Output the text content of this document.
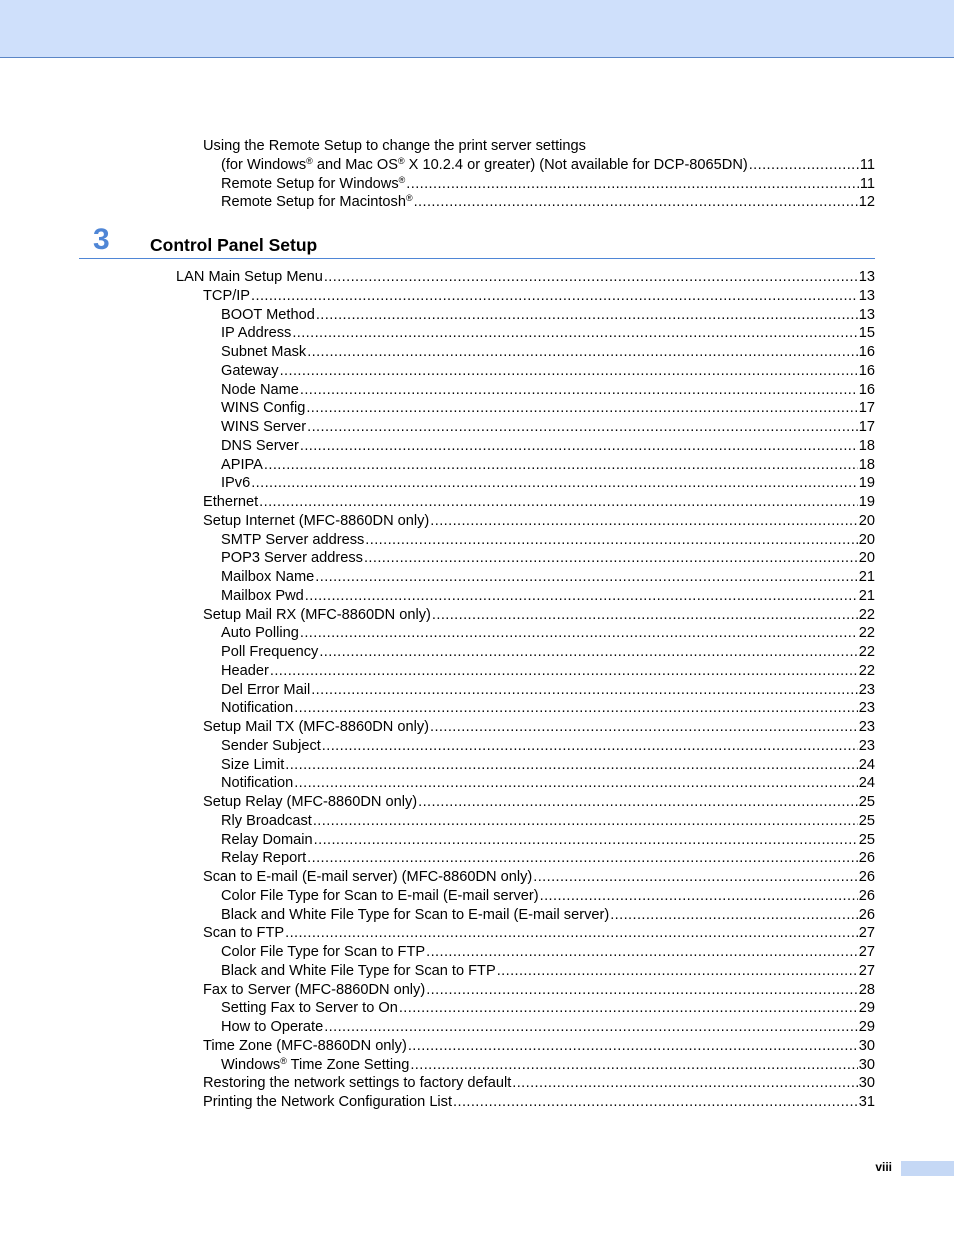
Using the Remote Setup to change the print server settings
(for Windows® and Mac OS® X 10.2.4 or greater) (Not available for DCP-8065DN) .....	11
Remote Setup for Windows® .....	11
Remote Setup for Macintosh® .....	12
3 Control Panel Setup
LAN Main Setup Menu .....	13
TCP/IP .....	13
BOOT Method .....	13
IP Address .....	15
Subnet Mask .....	16
Gateway .....	16
Node Name .....	16
WINS Config .....	17
WINS Server .....	17
DNS Server .....	18
APIPA .....	18
IPv6 .....	19
Ethernet .....	19
Setup Internet (MFC-8860DN only) .....	20
SMTP Server address .....	20
POP3 Server address .....	20
Mailbox Name .....	21
Mailbox Pwd .....	21
Setup Mail RX (MFC-8860DN only) .....	22
Auto Polling .....	22
Poll Frequency .....	22
Header .....	22
Del Error Mail .....	23
Notification .....	23
Setup Mail TX (MFC-8860DN only) .....	23
Sender Subject .....	23
Size Limit .....	24
Notification .....	24
Setup Relay (MFC-8860DN only) .....	25
Rly Broadcast .....	25
Relay Domain .....	25
Relay Report .....	26
Scan to E-mail (E-mail server) (MFC-8860DN only) .....	26
Color File Type for Scan to E-mail (E-mail server) .....	26
Black and White File Type for Scan to E-mail (E-mail server) .....	26
Scan to FTP .....	27
Color File Type for Scan to FTP .....	27
Black and White File Type for Scan to FTP .....	27
Fax to Server (MFC-8860DN only) .....	28
Setting Fax to Server to On .....	29
How to Operate .....	29
Time Zone (MFC-8860DN only) .....	30
Windows® Time Zone Setting .....	30
Restoring the network settings to factory default .....	30
Printing the Network Configuration List .....	31
viii
